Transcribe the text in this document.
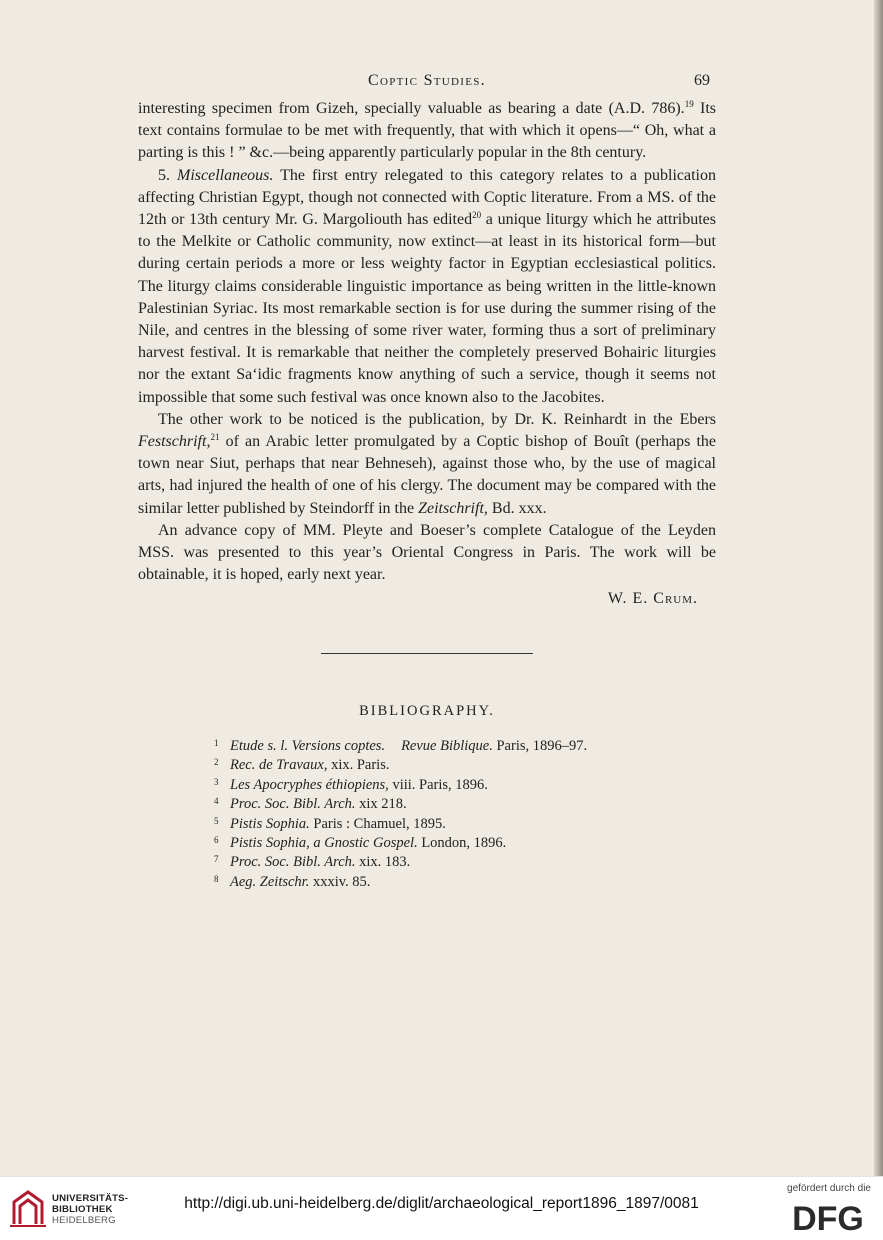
Coptic Studies.	69

interesting specimen from Gizeh, specially valuable as bearing a date (A.D. 786).$^{19}$ Its text contains formulae to be met with frequently, that with which it opens—“ Oh, what a parting is this ! ” &c.—being apparently particularly popular in the 8th century.

5. Miscellaneous. The first entry relegated to this category relates to a publication affecting Christian Egypt, though not connected with Coptic literature. From a MS. of the 12th or 13th century Mr. G. Margoliouth has edited$^{20}$ a unique liturgy which he attributes to the Melkite or Catholic community, now extinct—at least in its historical form—but during certain periods a more or less weighty factor in Egyptian ecclesiastical politics. The liturgy claims considerable linguistic importance as being written in the little-known Palestinian Syriac. Its most remarkable section is for use during the summer rising of the Nile, and centres in the blessing of some river water, forming thus a sort of preliminary harvest festival. It is remarkable that neither the completely preserved Bohairic liturgies nor the extant Sa‘idic fragments know anything of such a service, though it seems not impossible that some such festival was once known also to the Jacobites.

The other work to be noticed is the publication, by Dr. K. Reinhardt in the Ebers Festschrift,$^{21}$ of an Arabic letter promulgated by a Coptic bishop of Bouît (perhaps the town near Siut, perhaps that near Behneseh), against those who, by the use of magical arts, had injured the health of one of his clergy. The document may be compared with the similar letter published by Steindorff in the Zeitschrift, Bd. xxx.

An advance copy of MM. Pleyte and Boeser’s complete Catalogue of the Leyden MSS. was presented to this year’s Oriental Congress in Paris. The work will be obtainable, it is hoped, early next year.

W. E. Crum.

BIBLIOGRAPHY.
1 Etude s. l. Versions coptes. Revue Biblique. Paris, 1896–97.
2 Rec. de Travaux, xix. Paris.
3 Les Apocryphes éthiopiens, viii. Paris, 1896.
4 Proc. Soc. Bibl. Arch. xix 218.
5 Pistis Sophia. Paris : Chamuel, 1895.
6 Pistis Sophia, a Gnostic Gospel. London, 1896.
7 Proc. Soc. Bibl. Arch. xix. 183.
8 Aeg. Zeitschr. xxxiv. 85.
UNIVERSITÄTS-
BIBLIOTHEK
HEIDELBERG
http://digi.ub.uni-heidelberg.de/diglit/archaeological_report1896_1897/0081
gefördert durch die
DFG
